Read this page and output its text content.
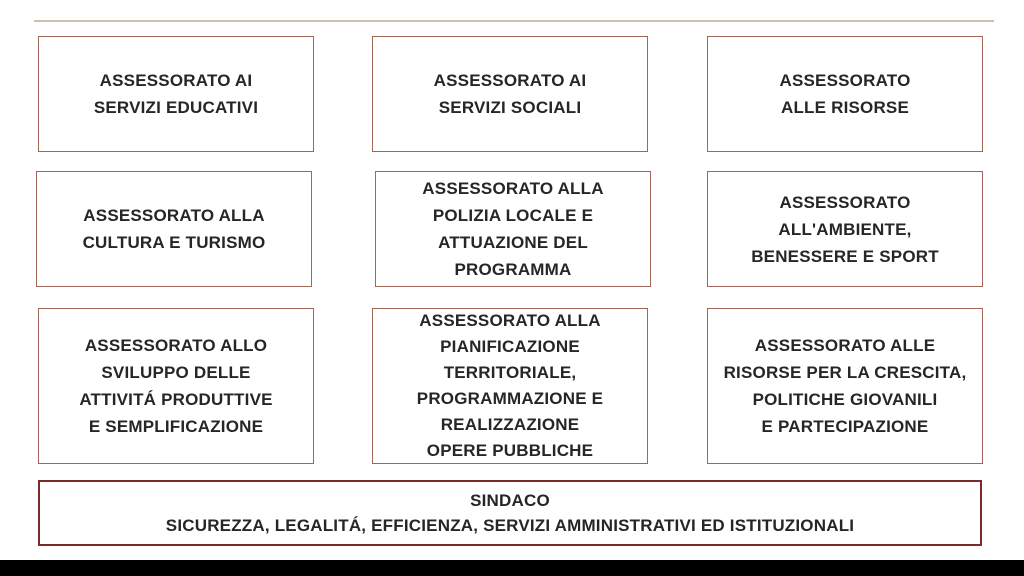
ASSESSORATO AI
SERVIZI EDUCATIVI
ASSESSORATO AI
SERVIZI SOCIALI
ASSESSORATO
ALLE RISORSE
ASSESSORATO ALLA
CULTURA E TURISMO
ASSESSORATO ALLA
POLIZIA LOCALE E
ATTUAZIONE DEL
PROGRAMMA
ASSESSORATO
ALL'AMBIENTE,
BENESSERE E SPORT
ASSESSORATO ALLO
SVILUPPO DELLE
ATTIVITÁ PRODUTTIVE
E SEMPLIFICAZIONE
ASSESSORATO ALLA
PIANIFICAZIONE
TERRITORIALE,
PROGRAMMAZIONE E
REALIZZAZIONE
OPERE PUBBLICHE
ASSESSORATO ALLE
RISORSE PER LA CRESCITA,
POLITICHE GIOVANILI
E PARTECIPAZIONE
SINDACO
SICUREZZA, LEGALITÁ, EFFICIENZA, SERVIZI AMMINISTRATIVI ED ISTITUZIONALI
